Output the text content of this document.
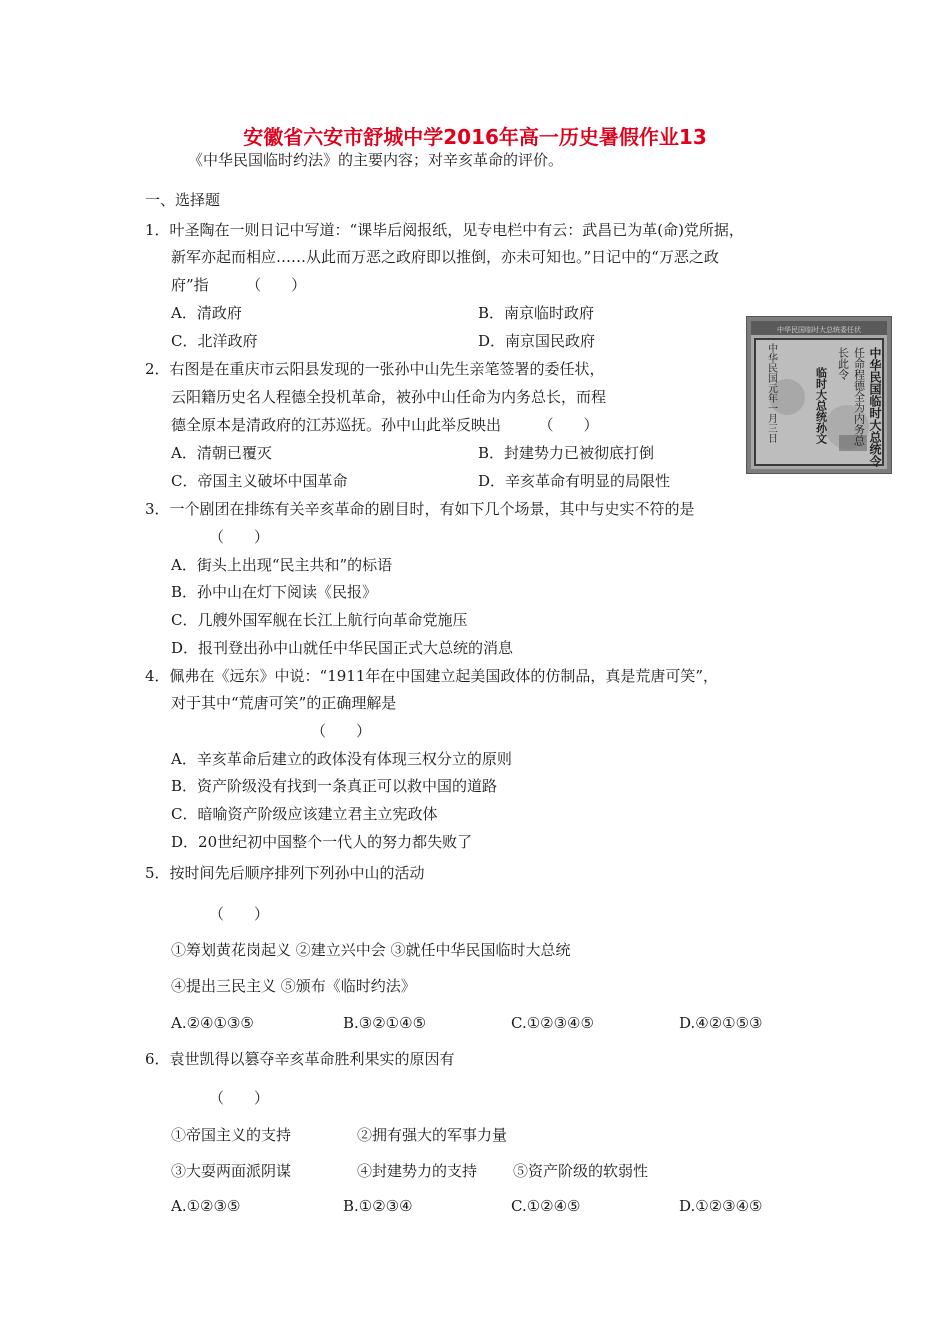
安徽省六安市舒城中学2016年高一历史暑假作业13
《中华民国临时约法》的主要内容；对辛亥革命的评价。
一、选择题
1．叶圣陶在一则日记中写道：“课毕后阅报纸，见专电栏中有云：武昌已为革(命)党所据，
新军亦起而相应……从此而万恶之政府即以推倒，亦未可知也。”日记中的“万恶之政
府”指　　　（　　）
A．清政府	B．南京临时政府
C．北洋政府	D．南京国民政府
中华民国临时大总统委任状
中华民国临时大总统令
任命程德全为内务总
长此令
临时大总统孙文
中华民国元年一月三日
2．右图是在重庆市云阳县发现的一张孙中山先生亲笔签署的委任状，
云阳籍历史名人程德全投机革命，被孙中山任命为内务总长，而程
德全原本是清政府的江苏巡抚。孙中山此举反映出　　　（　　）
A．清朝已覆灭	B．封建势力已被彻底打倒
C．帝国主义破坏中国革命	D．辛亥革命有明显的局限性
3．一个剧团在排练有关辛亥革命的剧目时，有如下几个场景，其中与史实不符的是
（　　）
A．街头上出现“民主共和”的标语
B．孙中山在灯下阅读《民报》
C．几艘外国军舰在长江上航行向革命党施压
D．报刊登出孙中山就任中华民国正式大总统的消息
4．佩弗在《远东》中说：“1911年在中国建立起美国政体的仿制品，真是荒唐可笑”，
对于其中“荒唐可笑”的正确理解是
（　　）
A．辛亥革命后建立的政体没有体现三权分立的原则
B．资产阶级没有找到一条真正可以救中国的道路
C．暗喻资产阶级应该建立君主立宪政体
D．20世纪初中国整个一代人的努力都失败了
5．按时间先后顺序排列下列孙中山的活动
（　　）
①筹划黄花岗起义 ②建立兴中会 ③就任中华民国临时大总统
④提出三民主义 ⑤颁布《临时约法》
A.②④①③⑤	B.③②①④⑤	C.①②③④⑤	D.④②①⑤③
6．袁世凯得以篡夺辛亥革命胜利果实的原因有
（　　）
①帝国主义的支持	②拥有强大的军事力量
③大耍两面派阴谋	④封建势力的支持 ⑤资产阶级的软弱性
A.①②③⑤	B.①②③④	C.①②④⑤	D.①②③④⑤
